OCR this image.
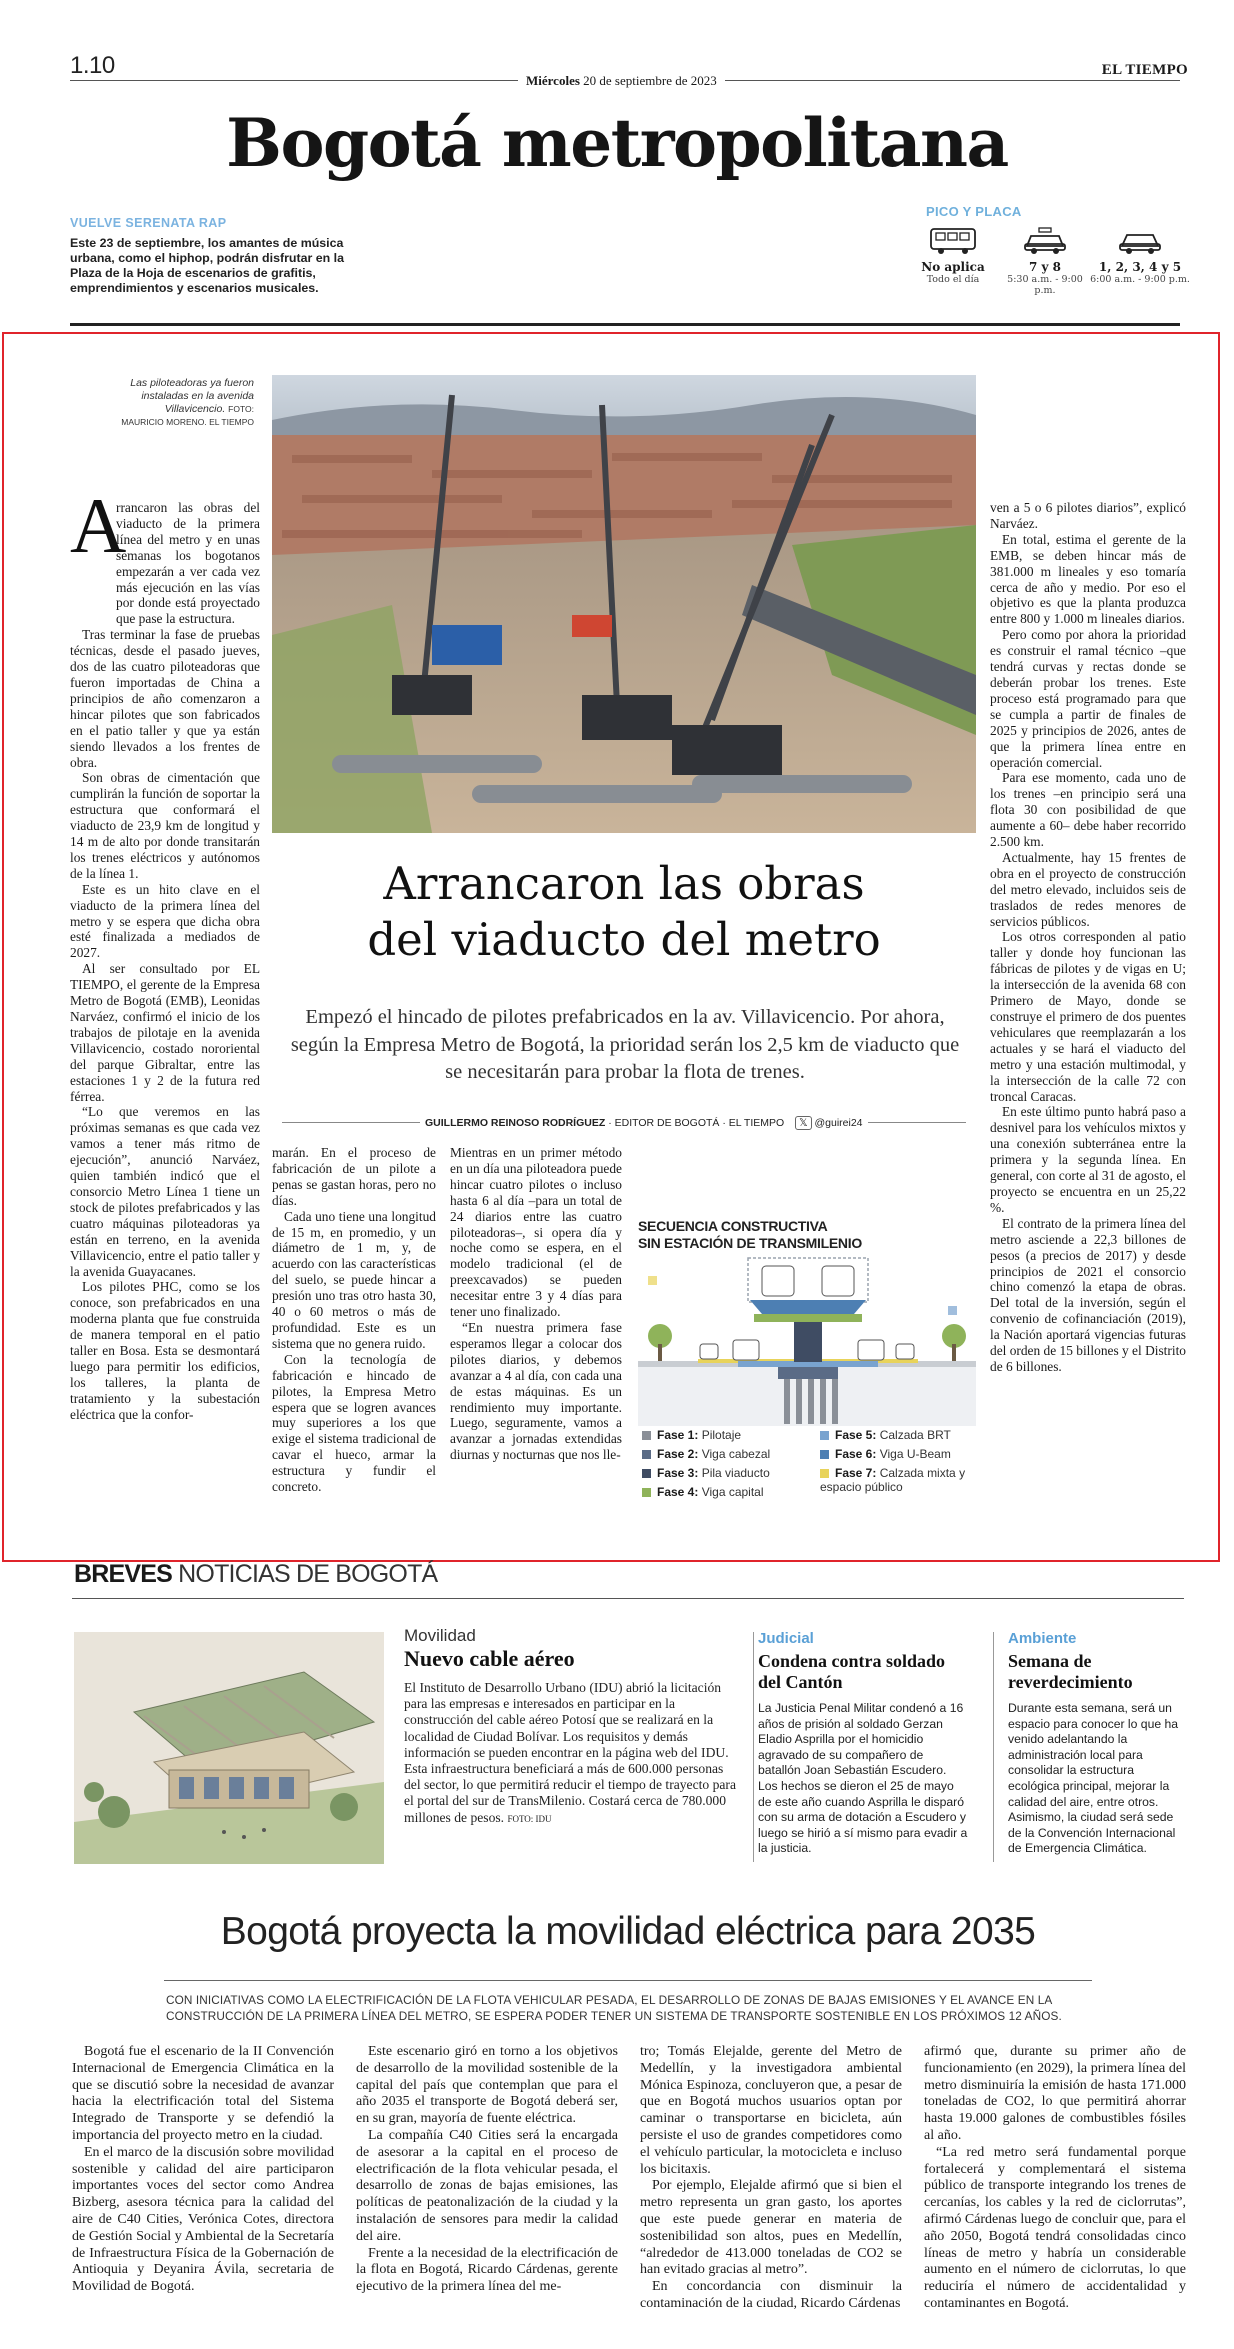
1.10
Miércoles 20 de septiembre de 2023
EL TIEMPO
Bogotá metropolitana
VUELVE SERENATA RAP
Este 23 de septiembre, los amantes de música urbana, como el hiphop, podrán disfrutar en la Plaza de la Hoja de escenarios de grafitis, emprendimientos y escenarios musicales.
PICO Y PLACA
No aplica
Todo el día
7 y 8
5:30 a.m. - 9:00 p.m.
1, 2, 3, 4 y 5
6:00 a.m. - 9:00 p.m.
Las piloteadoras ya fueron instaladas en la avenida Villavicencio. FOTO: MAURICIO MORENO. EL TIEMPO
A

rrancaron las obras del viaducto de la primera línea del metro y en unas semanas los bogotanos empezarán a ver cada vez más ejecución en las vías por donde está proyectado que pase la estructura.

Tras terminar la fase de pruebas técnicas, desde el pasado jueves, dos de las cuatro piloteadoras que fueron importadas de China a principios de año comenzaron a hincar pilotes que son fabricados en el patio taller y que ya están siendo llevados a los frentes de obra.

Son obras de cimentación que cumplirán la función de soportar la estructura que conformará el viaducto de 23,9 km de longitud y 14 m de alto por donde transitarán los trenes eléctricos y autónomos de la línea 1.

Este es un hito clave en el viaducto de la primera línea del metro y se espera que dicha obra esté finalizada a mediados de 2027.

Al ser consultado por EL TIEMPO, el gerente de la Empresa Metro de Bogotá (EMB), Leonidas Narváez, confirmó el inicio de los trabajos de pilotaje en la avenida Villavicencio, costado nororiental del parque Gibraltar, entre las estaciones 1 y 2 de la futura red férrea.

“Lo que veremos en las próximas semanas es que cada vez vamos a tener más ritmo de ejecución”, anunció Narváez, quien también indicó que el consorcio Metro Línea 1 tiene un stock de pilotes prefabricados y las cuatro máquinas piloteadoras ya están en terreno, en la avenida Villavicencio, entre el patio taller y la avenida Guayacanes.

Los pilotes PHC, como se los conoce, son prefabricados en una moderna planta que fue construida de manera temporal en el patio taller en Bosa. Esta se desmontará luego para permitir los edificios, los talleres, la planta de tratamiento y la subestación eléctrica que la confor-

Arrancaron las obras
del viaducto del metro
Empezó el hincado de pilotes prefabricados en la av. Villavicencio. Por ahora, según la Empresa Metro de Bogotá, la prioridad serán los 2,5 km de viaducto que se necesitarán para probar la flota de trenes.
GUILLERMO REINOSO RODRÍGUEZ · EDITOR DE BOGOTÁ · EL TIEMPO 𝕏 @guirei24

marán. En el proceso de fabricación de un pilote a penas se gastan horas, pero no días.

Cada uno tiene una longitud de 15 m, en promedio, y un diámetro de 1 m, y, de acuerdo con las características del suelo, se puede hincar a presión uno tras otro hasta 30, 40 o 60 metros o más de profundidad. Este es un sistema que no genera ruido.

Con la tecnología de fabricación e hincado de pilotes, la Empresa Metro espera que se logren avances muy superiores a los que exige el sistema tradicional de cavar el hueco, armar la estructura y fundir el concreto.

Mientras en un primer método en un día una piloteadora puede hincar cuatro pilotes o incluso hasta 6 al día –para un total de 24 diarios entre las cuatro piloteadoras–, si opera día y noche como se espera, en el modelo tradicional (el de preexcavados) se pueden necesitar entre 3 y 4 días para tener uno finalizado.

“En nuestra primera fase esperamos llegar a colocar dos pilotes diarios, y debemos avanzar a 4 al día, con cada una de estas máquinas. Es un rendimiento muy importante. Luego, seguramente, vamos a avanzar a jornadas extendidas diurnas y nocturnas que nos lle-

SECUENCIA CONSTRUCTIVA
SIN ESTACIÓN DE TRANSMILENIO
Fase 1: Pilotaje
Fase 2: Viga cabezal
Fase 3: Pila viaducto
Fase 4: Viga capital
Fase 5: Calzada BRT
Fase 6: Viga U-Beam
Fase 7: Calzada mixta y espacio público

ven a 5 o 6 pilotes diarios”, explicó Narváez.

En total, estima el gerente de la EMB, se deben hincar más de 381.000 m lineales y eso tomaría cerca de año y medio. Por eso el objetivo es que la planta produzca entre 800 y 1.000 m lineales diarios.

Pero como por ahora la prioridad es construir el ramal técnico –que tendrá curvas y rectas donde se deberán probar los trenes. Este proceso está programado para que se cumpla a partir de finales de 2025 y principios de 2026, antes de que la primera línea entre en operación comercial.

Para ese momento, cada uno de los trenes –en principio será una flota 30 con posibilidad de que aumente a 60– debe haber recorrido 2.500 km.

Actualmente, hay 15 frentes de obra en el proyecto de construcción del metro elevado, incluidos seis de traslados de redes menores de servicios públicos.

Los otros corresponden al patio taller y donde hoy funcionan las fábricas de pilotes y de vigas en U; la intersección de la avenida 68 con Primero de Mayo, donde se construye el primero de dos puentes vehiculares que reemplazarán a los actuales y se hará el viaducto del metro y una estación multimodal, y la intersección de la calle 72 con troncal Caracas.

En este último punto habrá paso a desnivel para los vehículos mixtos y una conexión subterránea entre la primera y la segunda línea. En general, con corte al 31 de agosto, el proyecto se encuentra en un 25,22 %.

El contrato de la primera línea del metro asciende a 22,3 billones de pesos (a precios de 2017) y desde principios de 2021 el consorcio chino comenzó la etapa de obras. Del total de la inversión, según el convenio de cofinanciación (2019), la Nación aportará vigencias futuras del orden de 15 billones y el Distrito de 6 billones.

BREVES NOTICIAS DE BOGOTÁ
Movilidad
Nuevo cable aéreo

El Instituto de Desarrollo Urbano (IDU) abrió la licitación para las empresas e interesados en participar en la construcción del cable aéreo Potosí que se realizará en la localidad de Ciudad Bolívar. Los requisitos y demás información se pueden encontrar en la página web del IDU. Esta infraestructura beneficiará a más de 600.000 personas del sector, lo que permitirá reducir el tiempo de trayecto para el portal del sur de TransMilenio. Costará cerca de 780.000 millones de pesos. FOTO: IDU

Judicial
Condena contra soldado del Cantón

La Justicia Penal Militar condenó a 16 años de prisión al soldado Gerzan Eladio Asprilla por el homicidio agravado de su compañero de batallón Joan Sebastián Escudero. Los hechos se dieron el 25 de mayo de este año cuando Asprilla le disparó con su arma de dotación a Escudero y luego se hirió a sí mismo para evadir a la justicia.

Ambiente
Semana de reverdecimiento

Durante esta semana, será un espacio para conocer lo que ha venido adelantando la administración local para consolidar la estructura ecológica principal, mejorar la calidad del aire, entre otros. Asimismo, la ciudad será sede de la Convención Internacional de Emergencia Climática.

Bogotá proyecta la movilidad eléctrica para 2035
CON INICIATIVAS COMO LA ELECTRIFICACIÓN DE LA FLOTA VEHICULAR PESADA, EL DESARROLLO DE ZONAS DE BAJAS EMISIONES Y EL AVANCE EN LA CONSTRUCCIÓN DE LA PRIMERA LÍNEA DEL METRO, SE ESPERA PODER TENER UN SISTEMA DE TRANSPORTE SOSTENIBLE EN LOS PRÓXIMOS 12 AÑOS.

Bogotá fue el escenario de la II Convención Internacional de Emergencia Climática en la que se discutió sobre la necesidad de avanzar hacia la electrificación total del Sistema Integrado de Transporte y se defendió la importancia del proyecto metro en la ciudad.

En el marco de la discusión sobre movilidad sostenible y calidad del aire participaron importantes voces del sector como Andrea Bizberg, asesora técnica para la calidad del aire de C40 Cities, Verónica Cotes, directora de Gestión Social y Ambiental de la Secretaría de Infraestructura Física de la Gobernación de Antioquia y Deyanira Ávila, secretaria de Movilidad de Bogotá.

Este escenario giró en torno a los objetivos de desarrollo de la movilidad sostenible de la capital del país que contemplan que para el año 2035 el transporte de Bogotá deberá ser, en su gran, mayoría de fuente eléctrica.

La compañía C40 Cities será la encargada de asesorar a la capital en el proceso de electrificación de la flota vehicular pesada, el desarrollo de zonas de bajas emisiones, las políticas de peatonalización de la ciudad y la instalación de sensores para medir la calidad del aire.

Frente a la necesidad de la electrificación de la flota en Bogotá, Ricardo Cárdenas, gerente ejecutivo de la primera línea del me-

tro; Tomás Elejalde, gerente del Metro de Medellín, y la investigadora ambiental Mónica Espinoza, concluyeron que, a pesar de que en Bogotá muchos usuarios optan por caminar o transportarse en bicicleta, aún persiste el uso de grandes competidores como el vehículo particular, la motocicleta e incluso los bicitaxis.

Por ejemplo, Elejalde afirmó que si bien el metro representa un gran gasto, los aportes que este puede generar en materia de sostenibilidad son altos, pues en Medellín, “alrededor de 413.000 toneladas de CO2 se han evitado gracias al metro”.

En concordancia con disminuir la contaminación de la ciudad, Ricardo Cárdenas

afirmó que, durante su primer año de funcionamiento (en 2029), la primera línea del metro disminuiría la emisión de hasta 171.000 toneladas de CO2, lo que permitirá ahorrar hasta 19.000 galones de combustibles fósiles al año.

“La red metro será fundamental porque fortalecerá y complementará el sistema público de transporte integrando los trenes de cercanías, los cables y la red de ciclorrutas”, afirmó Cárdenas luego de concluir que, para el año 2050, Bogotá tendrá consolidadas cinco líneas de metro y habría un considerable aumento en el número de ciclorrutas, lo que reduciría el número de accidentalidad y contaminantes en Bogotá.
